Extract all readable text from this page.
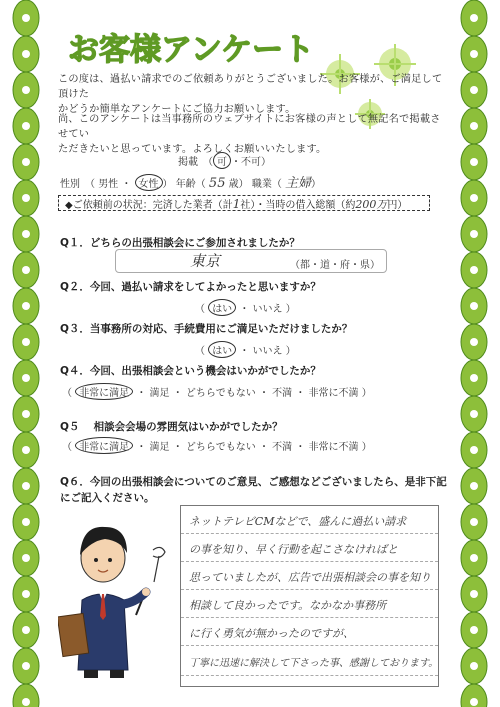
お客様アンケート
この度は、過払い請求でのご依頼ありがとうございました。お客様が、ご満足して頂けた
かどうか簡単なアンケートにご協力お願いします。
尚、このアンケートは当事務所のウェブサイトにお客様の声として無記名で掲載させてい
ただきたいと思っています。よろしくお願いいたします。
掲載　（ 可 ・不可）
性別　（ 男性 ・ 女性 ） 年齢（ 55 歳） 職業（ 主婦）
◆ご依頼前の状況：完済した業者（計1社）・当時の借入総額（約200万円）
Q１．どちらの出張相談会にご参加されましたか？
東京	（都・道・府・県）
Q２．今回、過払い請求をしてよかったと思いますか？
（ はい ・ いいえ ）
Q３．当事務所の対応、手続費用にご満足いただけましたか？
（ はい ・ いいえ ）
Q４．今回、出張相談会という機会はいかがでしたか？
（ 非常に満足 ・ 満足 ・ どちらでもない ・ 不満 ・ 非常に不満 ）
Q５　 相談会会場の雰囲気はいかがでしたか？
（ 非常に満足 ・ 満足 ・ どちらでもない ・ 不満 ・ 非常に不満 ）
Q６．今回の出張相談会についてのご意見、ご感想などございましたら、是非下記
にご記入ください。
ネットテレビCMなどで、盛んに過払い請求
の事を知り、早く行動を起こさなければと
思っていましたが、広告で出張相談会の事を知り
相談して良かったです。なかなか事務所
に行く勇気が無かったのですが、
丁寧に迅速に解決して下さった事、感謝しております。
